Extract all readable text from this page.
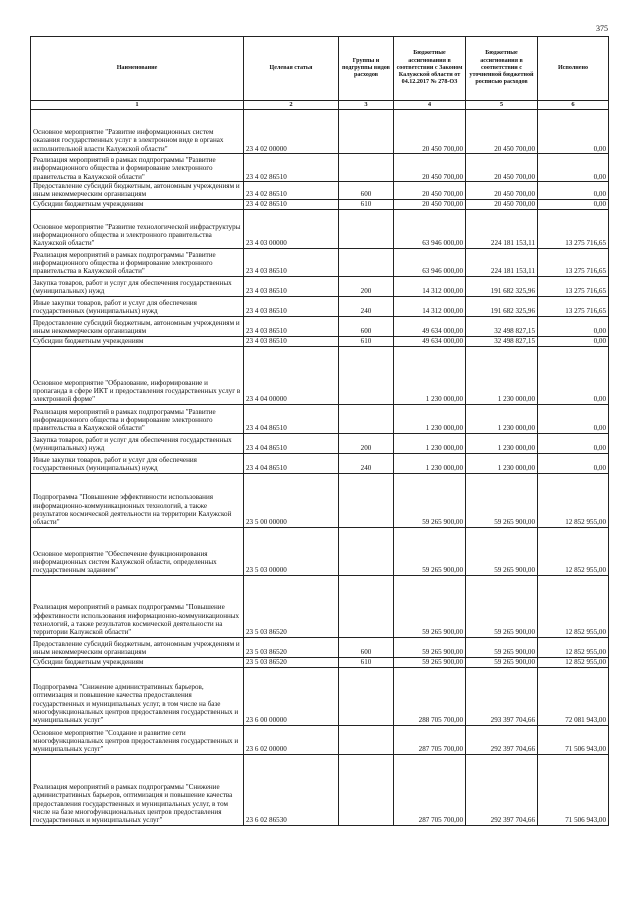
375
Наименование	Целевая статья	Группы и подгруппы видов расходов	Бюджетные ассигнования в соответствии с Законом Калужской области от 04.12.2017 № 278-ОЗ	Бюджетные ассигнования в соответствии с уточненной бюджетной росписью расходов	Исполнено
1	2	3	4	5	6
Основное мероприятие "Развитие информационных систем оказания государственных услуг в электронном виде в органах исполнительной власти Калужской области"	23 4 02 00000		20 450 700,00	20 450 700,00	0,00
Реализация мероприятий в рамках подпрограммы "Развитие информационного общества и формирование электронного правительства в Калужской области"	23 4 02 86510		20 450 700,00	20 450 700,00	0,00
Предоставление субсидий бюджетным, автономным учреждениям и иным некоммерческим организациям	23 4 02 86510	600	20 450 700,00	20 450 700,00	0,00
Субсидии бюджетным учреждениям	23 4 02 86510	610	20 450 700,00	20 450 700,00	0,00
Основное мероприятие "Развитие технологической инфраструктуры информационного общества и электронного правительства Калужской области"	23 4 03 00000		63 946 000,00	224 181 153,11	13 275 716,65
Реализация мероприятий в рамках подпрограммы "Развитие информационного общества и формирование электронного правительства в Калужской области"	23 4 03 86510		63 946 000,00	224 181 153,11	13 275 716,65
Закупка товаров, работ и услуг для обеспечения государственных (муниципальных) нужд	23 4 03 86510	200	14 312 000,00	191 682 325,96	13 275 716,65
Иные закупки товаров, работ и услуг для обеспечения государственных (муниципальных) нужд	23 4 03 86510	240	14 312 000,00	191 682 325,96	13 275 716,65
Предоставление субсидий бюджетным, автономным учреждениям и иным некоммерческим организациям	23 4 03 86510	600	49 634 000,00	32 498 827,15	0,00
Субсидии бюджетным учреждениям	23 4 03 86510	610	49 634 000,00	32 498 827,15	0,00
Основное мероприятие "Образование, информирование и пропаганда в сфере ИКТ и предоставления государственных услуг в электронной форме"	23 4 04 00000		1 230 000,00	1 230 000,00	0,00
Реализация мероприятий в рамках подпрограммы "Развитие информационного общества и формирование электронного правительства в Калужской области"	23 4 04 86510		1 230 000,00	1 230 000,00	0,00
Закупка товаров, работ и услуг для обеспечения государственных (муниципальных) нужд	23 4 04 86510	200	1 230 000,00	1 230 000,00	0,00
Иные закупки товаров, работ и услуг для обеспечения государственных (муниципальных) нужд	23 4 04 86510	240	1 230 000,00	1 230 000,00	0,00
Подпрограмма "Повышение эффективности использования информационно-коммуникационных технологий, а также результатов космической деятельности на территории Калужской области"	23 5 00 00000		59 265 900,00	59 265 900,00	12 852 955,00
Основное мероприятие "Обеспечение функционирования информационных систем Калужской области, определенных государственным заданием"	23 5 03 00000		59 265 900,00	59 265 900,00	12 852 955,00
Реализация мероприятий в рамках подпрограммы "Повышение эффективности использования информационно-коммуникационных технологий, а также результатов космической деятельности на территории Калужской области"	23 5 03 86520		59 265 900,00	59 265 900,00	12 852 955,00
Предоставление субсидий бюджетным, автономным учреждениям и иным некоммерческим организациям	23 5 03 86520	600	59 265 900,00	59 265 900,00	12 852 955,00
Субсидии бюджетным учреждениям	23 5 03 86520	610	59 265 900,00	59 265 900,00	12 852 955,00
Подпрограмма "Снижение административных барьеров, оптимизация и повышение качества предоставления государственных и муниципальных услуг, в том числе на базе многофункциональных центров предоставления государственных и муниципальных услуг"	23 6 00 00000		288 705 700,00	293 397 704,66	72 081 943,00
Основное мероприятие "Создание и развитие сети многофункциональных центров предоставления государственных и муниципальных услуг"	23 6 02 00000		287 705 700,00	292 397 704,66	71 506 943,00
Реализация мероприятий в рамках подпрограммы "Снижение административных барьеров, оптимизация и повышение качества предоставления государственных и муниципальных услуг, в том числе на базе многофункциональных центров предоставления государственных и муниципальных услуг"	23 6 02 86530		287 705 700,00	292 397 704,66	71 506 943,00
